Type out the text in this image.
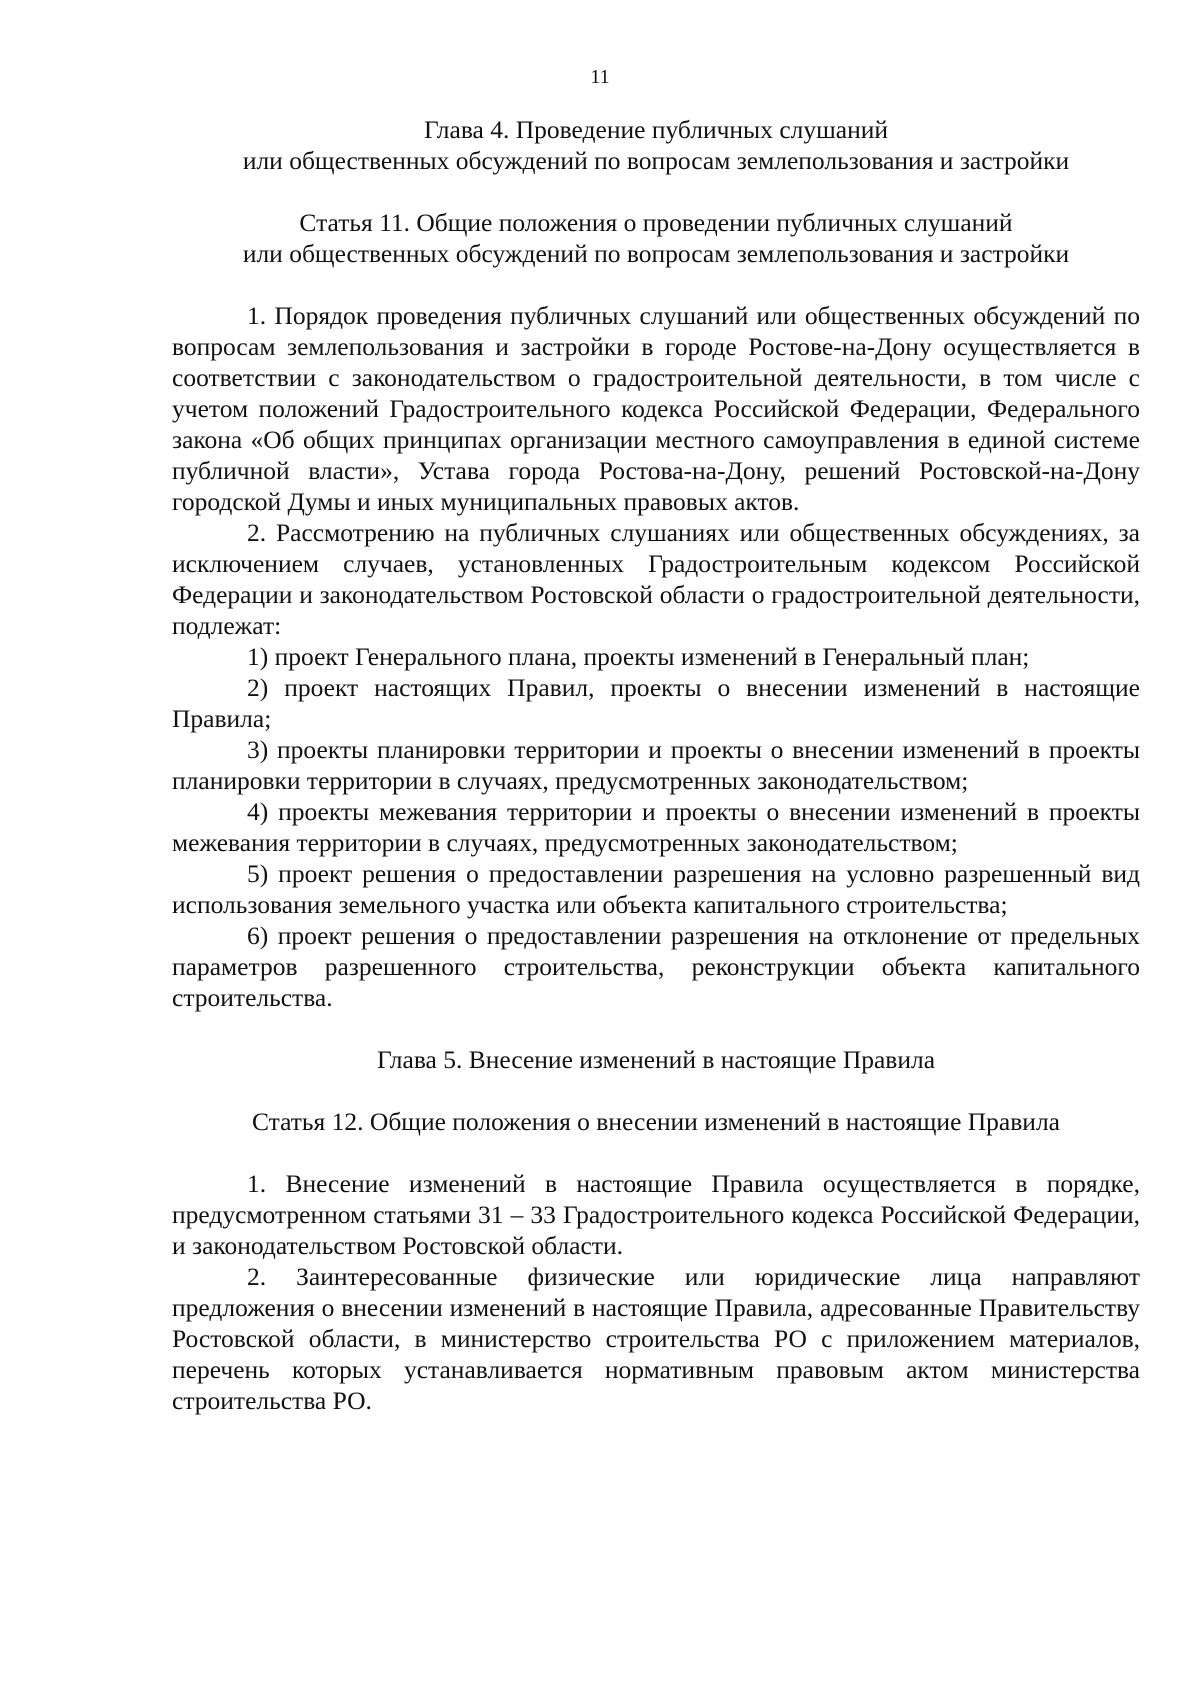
11

Глава 4. Проведение публичных слушаний

или общественных обсуждений по вопросам землепользования и застройки

Статья 11. Общие положения о проведении публичных слушаний

или общественных обсуждений по вопросам землепользования и застройки

1. Порядок проведения публичных слушаний или общественных обсуждений по вопросам землепользования и застройки в городе Ростове-на-Дону осуществляется в соответствии с законодательством о градостроительной деятельности, в том числе с учетом положений Градостроительного кодекса Российской Федерации, Федерального закона «Об общих принципах организации местного самоуправления в единой системе публичной власти», Устава города Ростова-на-Дону, решений Ростовской-на-Дону городской Думы и иных муниципальных правовых актов.

2. Рассмотрению на публичных слушаниях или общественных обсуждениях, за исключением случаев, установленных Градостроительным кодексом Российской Федерации и законодательством Ростовской области о градостроительной деятельности, подлежат:

1) проект Генерального плана, проекты изменений в Генеральный план;

2) проект настоящих Правил, проекты о внесении изменений в настоящие Правила;

3) проекты планировки территории и проекты о внесении изменений в проекты планировки территории в случаях, предусмотренных законодательством;

4) проекты межевания территории и проекты о внесении изменений в проекты межевания территории в случаях, предусмотренных законодательством;

5) проект решения о предоставлении разрешения на условно разрешенный вид использования земельного участка или объекта капитального строительства;

6) проект решения о предоставлении разрешения на отклонение от предельных параметров разрешенного строительства, реконструкции объекта капитального строительства.

Глава 5. Внесение изменений в настоящие Правила

Статья 12. Общие положения о внесении изменений в настоящие Правила

1. Внесение изменений в настоящие Правила осуществляется в порядке, предусмотренном статьями 31 – 33 Градостроительного кодекса Российской Федерации, и законодательством Ростовской области.

2. Заинтересованные физические или юридические лица направляют предложения о внесении изменений в настоящие Правила, адресованные Правительству Ростовской области, в министерство строительства РО с приложением материалов, перечень которых устанавливается нормативным правовым актом министерства строительства РО.
